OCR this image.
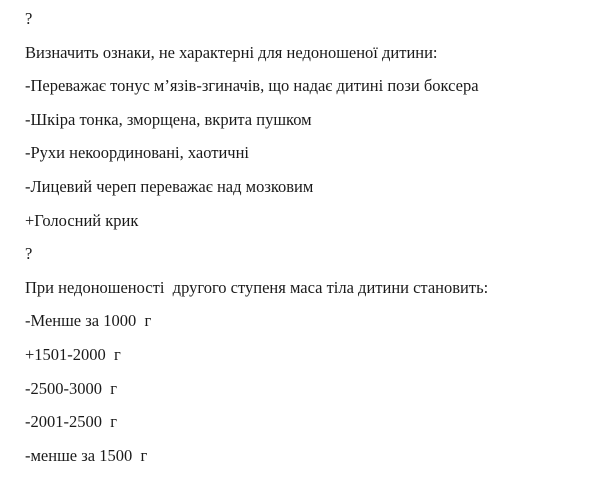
?
Визначить ознаки, не характерні для недоношеної дитини:
-Переважає тонус м’язів-згиначів, що надає дитині пози боксера
-Шкіра тонка, зморщена, вкрита пушком
-Рухи некоординовані, хаотичні
-Лицевий череп переважає над мозковим
+Голосний крик
?
При недоношеності  другого ступеня маса тіла дитини становить:
-Менше за 1000  г
+1501-2000  г
-2500-3000  г
-2001-2500  г
-менше за 1500  г
